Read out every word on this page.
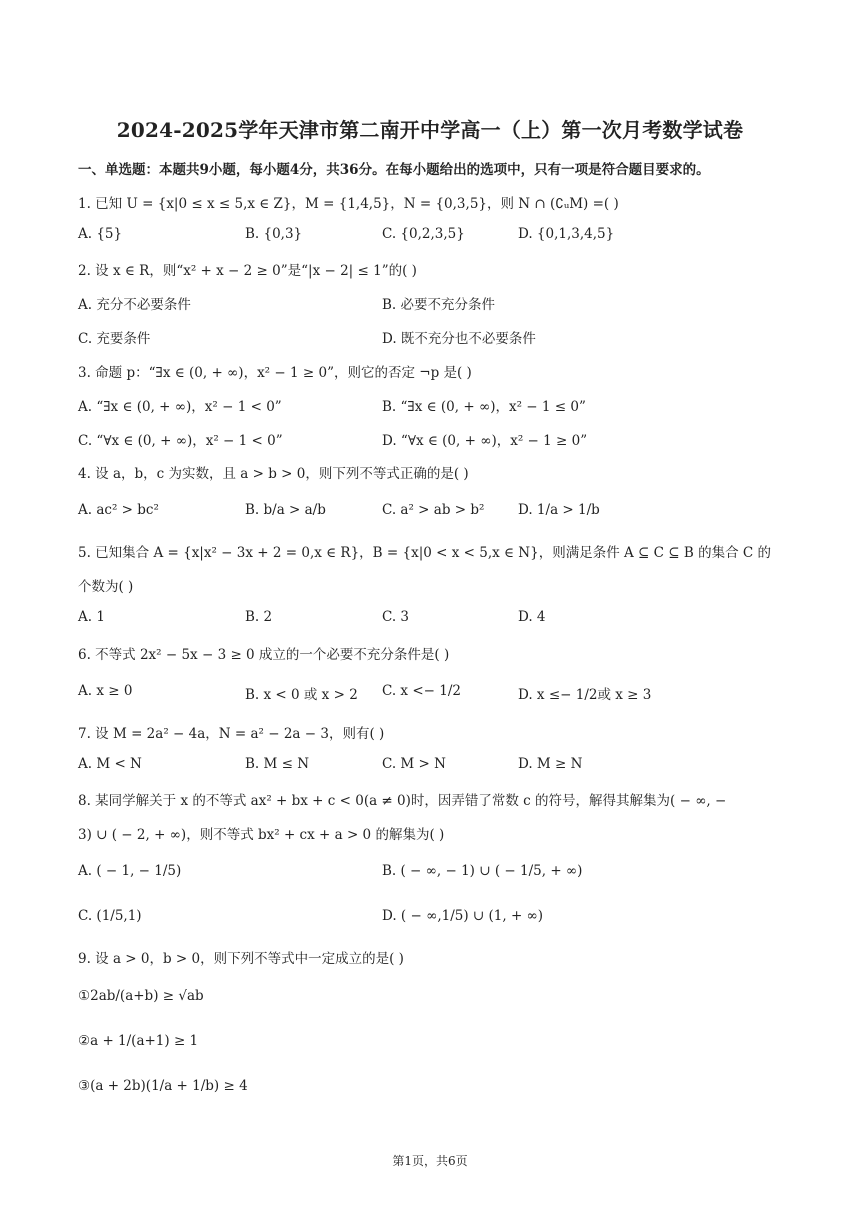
2024-2025学年天津市第二南开中学高一（上）第一次月考数学试卷
一、单选题：本题共9小题，每小题4分，共36分。在每小题给出的选项中，只有一项是符合题目要求的。
1. 已知 U = {x|0 ≤ x ≤ 5,x ∈ Z}，M = {1,4,5}，N = {0,3,5}，则 N ∩ (∁ᵤM) =( )
A. {5}	B. {0,3}	C. {0,2,3,5}	D. {0,1,3,4,5}
2. 设 x ∈ R，则“x² + x − 2 ≥ 0”是“|x − 2| ≤ 1”的( )
A. 充分不必要条件	B. 必要不充分条件
C. 充要条件	D. 既不充分也不必要条件
3. 命题 p：“∃x ∈ (0, + ∞)，x² − 1 ≥ 0”，则它的否定 ¬p 是( )
A. “∃x ∈ (0, + ∞)，x² − 1 < 0”	B. “∃x ∈ (0, + ∞)，x² − 1 ≤ 0”
C. “∀x ∈ (0, + ∞)，x² − 1 < 0”	D. “∀x ∈ (0, + ∞)，x² − 1 ≥ 0”
4. 设 a，b，c 为实数，且 a > b > 0，则下列不等式正确的是( )
A. ac² > bc²	B. b/a > a/b	C. a² > ab > b² D. 1/a > 1/b
5. 已知集合 A = {x|x² − 3x + 2 = 0,x ∈ R}，B = {x|0 < x < 5,x ∈ N}，则满足条件 A ⊆ C ⊆ B 的集合 C 的
个数为( )
A. 1	B. 2	C. 3	D. 4
6. 不等式 2x² − 5x − 3 ≥ 0 成立的一个必要不充分条件是( )
A. x ≥ 0	B. x < 0 或 x > 2 C. x <− 1/2	D. x ≤− 1/2或 x ≥ 3
7. 设 M = 2a² − 4a，N = a² − 2a − 3，则有( )
A. M < N	B. M ≤ N	C. M > N	D. M ≥ N
8. 某同学解关于 x 的不等式 ax² + bx + c < 0(a ≠ 0)时，因弄错了常数 c 的符号，解得其解集为( − ∞, −
3) ∪ ( − 2, + ∞)，则不等式 bx² + cx + a > 0 的解集为( )
A. ( − 1, − 1/5)	B. ( − ∞, − 1) ∪ ( − 1/5, + ∞)
C. (1/5,1)	D. ( − ∞,1/5) ∪ (1, + ∞)
9. 设 a > 0，b > 0，则下列不等式中一定成立的是( )
①2ab/(a+b) ≥ √ab
②a + 1/(a+1) ≥ 1
③(a + 2b)(1/a + 1/b) ≥ 4
第1页，共6页
